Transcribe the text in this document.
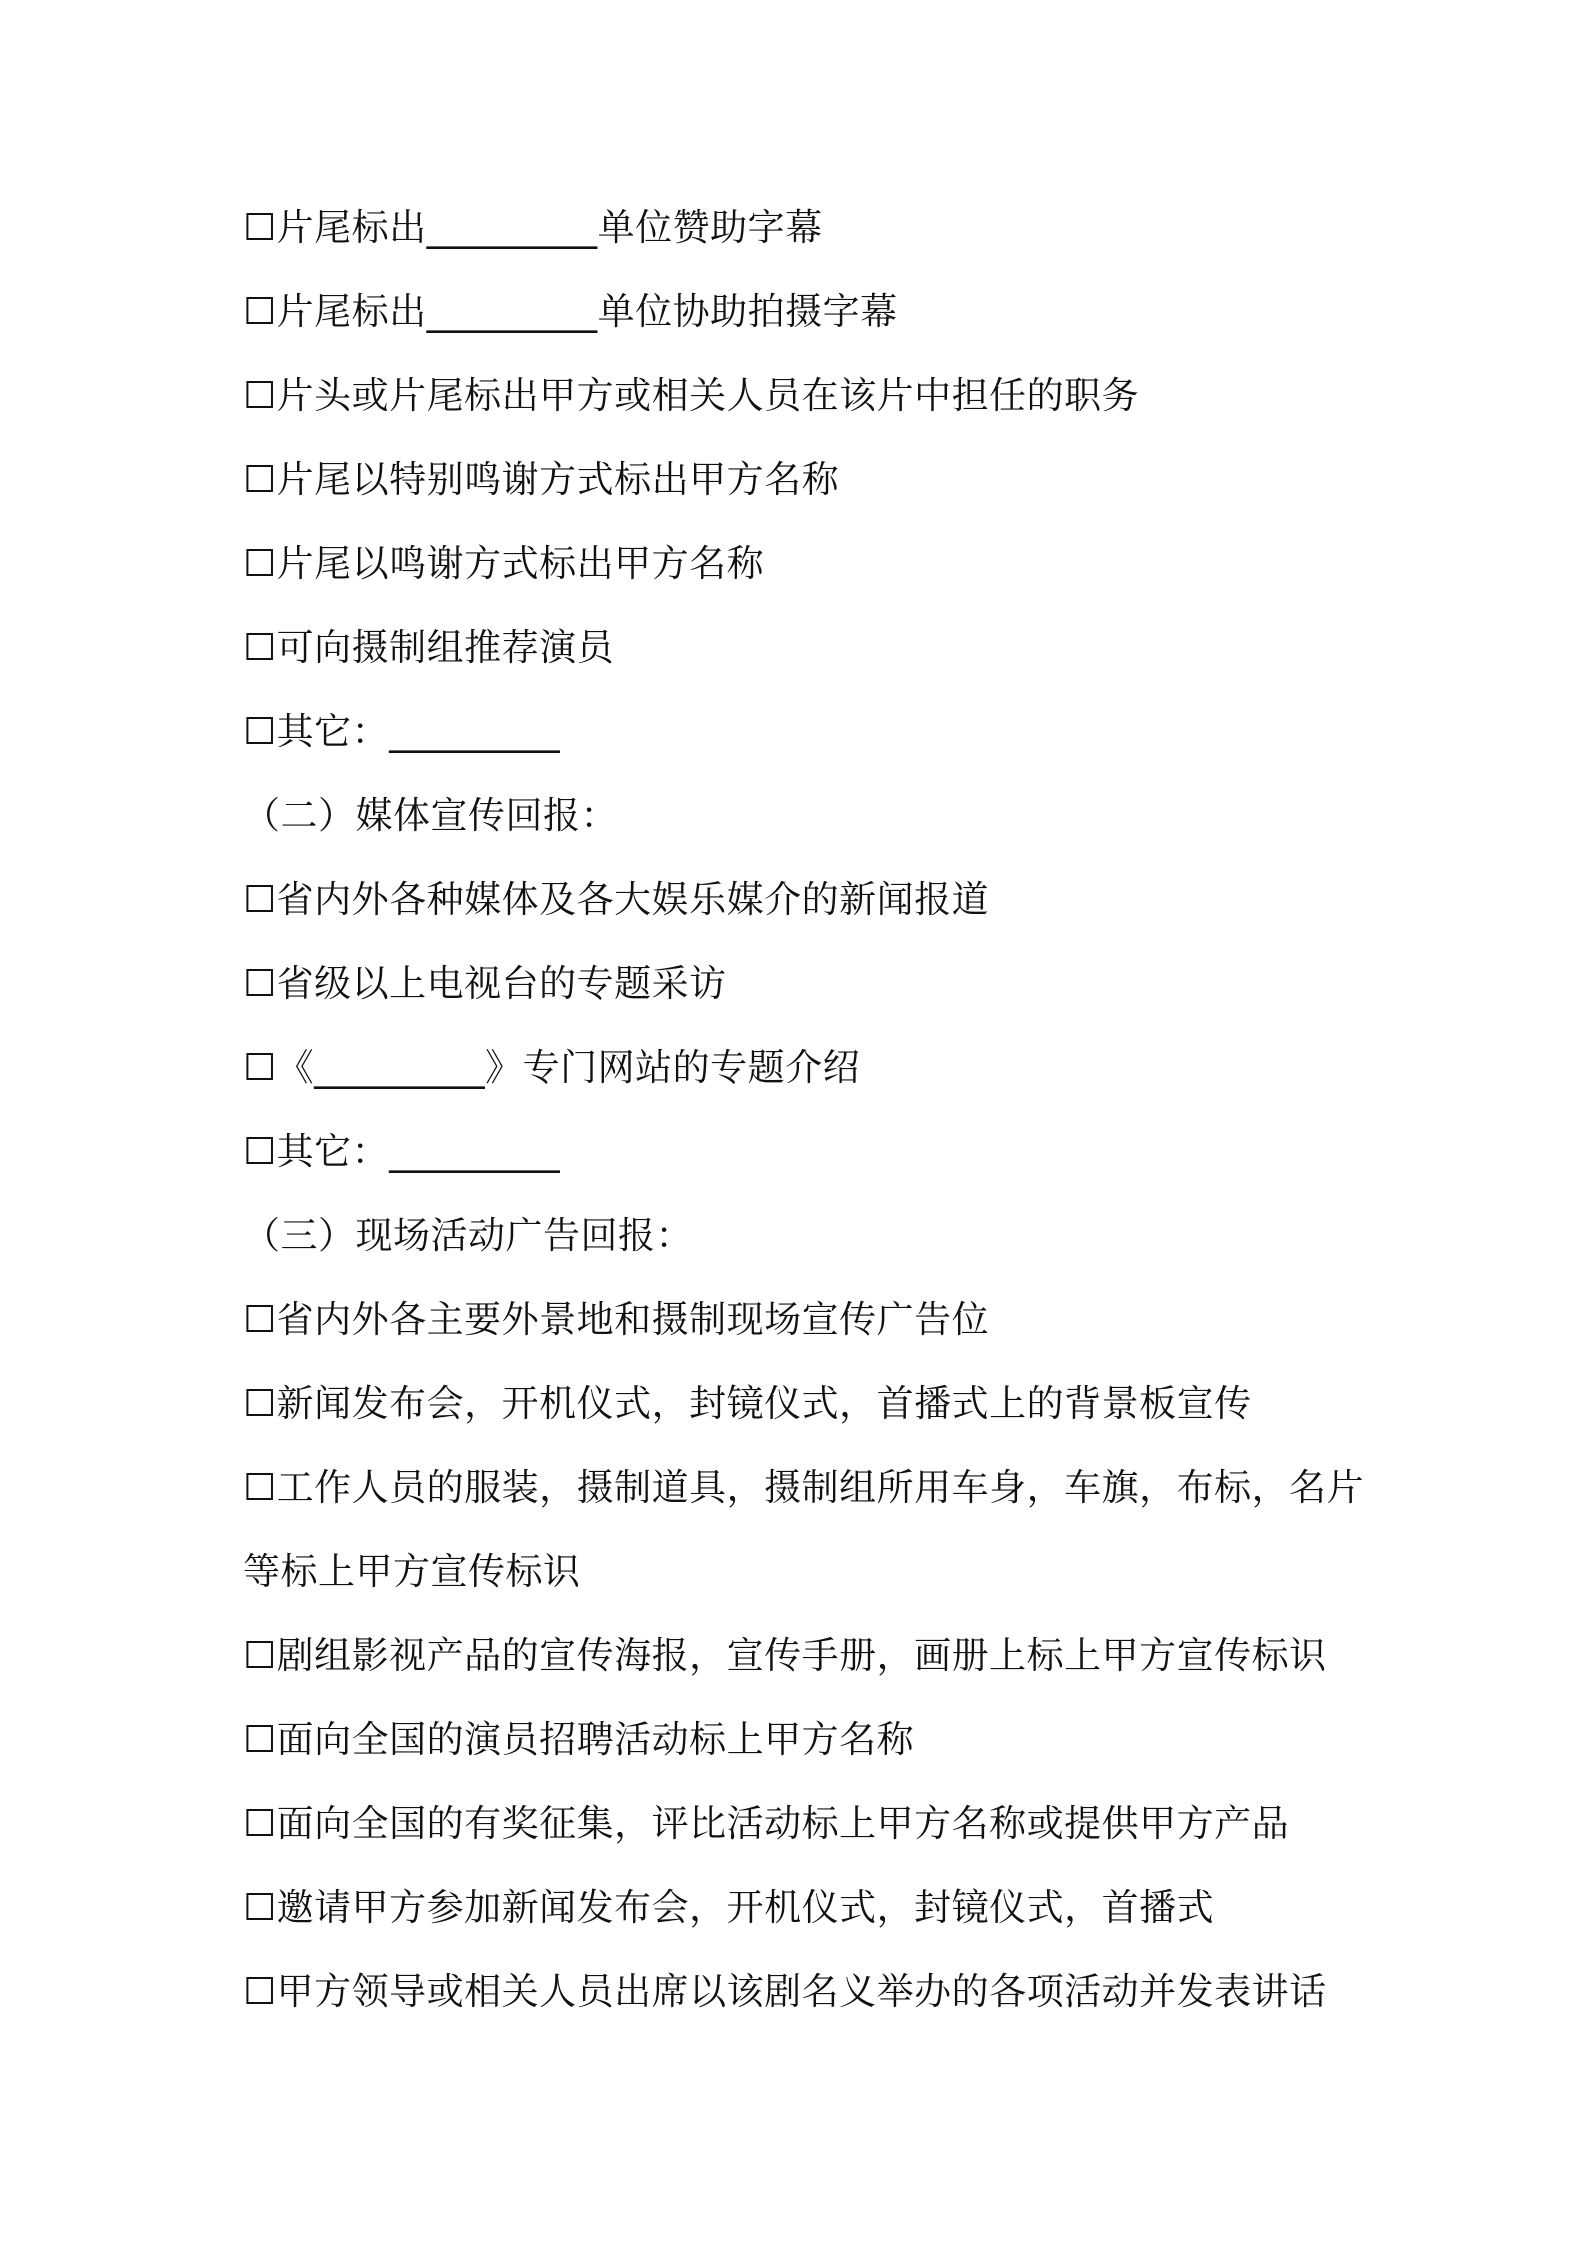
☐片尾标出_________单位赞助字幕
☐片尾标出_________单位协助拍摄字幕
☐片头或片尾标出甲方或相关人员在该片中担任的职务
☐片尾以特别鸣谢方式标出甲方名称
☐片尾以鸣谢方式标出甲方名称
☐可向摄制组推荐演员
☐其它：_________
（二）媒体宣传回报：
☐省内外各种媒体及各大娱乐媒介的新闻报道
☐省级以上电视台的专题采访
☐《_________》专门网站的专题介绍
☐其它：_________
（三）现场活动广告回报：
☐省内外各主要外景地和摄制现场宣传广告位
☐新闻发布会，开机仪式，封镜仪式，首播式上的背景板宣传
☐工作人员的服装，摄制道具，摄制组所用车身，车旗，布标，名片
等标上甲方宣传标识
☐剧组影视产品的宣传海报，宣传手册，画册上标上甲方宣传标识
☐面向全国的演员招聘活动标上甲方名称
☐面向全国的有奖征集，评比活动标上甲方名称或提供甲方产品
☐邀请甲方参加新闻发布会，开机仪式，封镜仪式，首播式
☐甲方领导或相关人员出席以该剧名义举办的各项活动并发表讲话
